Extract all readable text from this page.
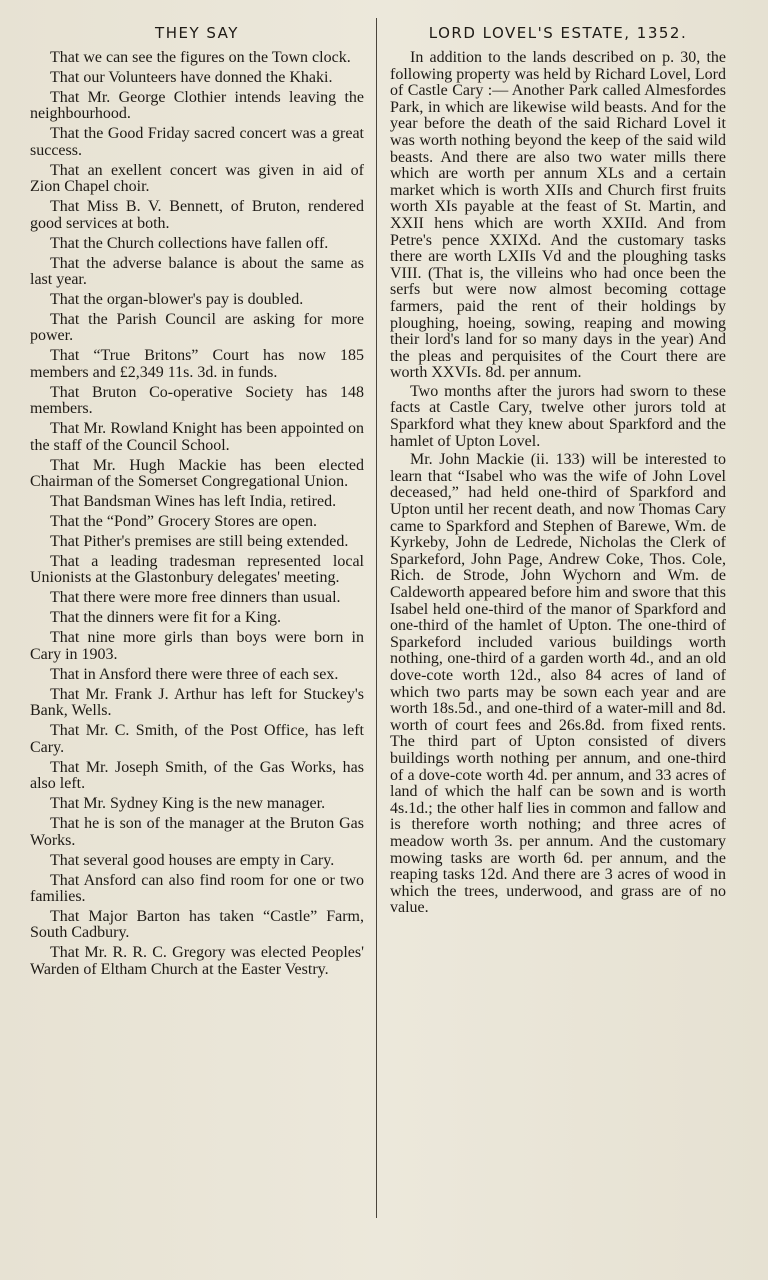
THEY SAY

That we can see the figures on the Town clock.

That our Volunteers have donned the Khaki.

That Mr. George Clothier intends leaving the neighbourhood.

That the Good Friday sacred concert was a great success.

That an exellent concert was given in aid of Zion Chapel choir.

That Miss B. V. Bennett, of Bruton, rendered good services at both.

That the Church collections have fallen off.

That the adverse balance is about the same as last year.

That the organ-blower's pay is doubled.

That the Parish Council are asking for more power.

That “True Britons” Court has now 185 members and £2,349 11s. 3d. in funds.

That Bruton Co-operative Society has 148 members.

That Mr. Rowland Knight has been appointed on the staff of the Council School.

That Mr. Hugh Mackie has been elected Chairman of the Somerset Congregational Union.

That Bandsman Wines has left India, retired.

That the “Pond” Grocery Stores are open.

That Pither's premises are still being extended.

That a leading tradesman represented local Unionists at the Glastonbury delegates' meeting.

That there were more free dinners than usual.

That the dinners were fit for a King.

That nine more girls than boys were born in Cary in 1903.

That in Ansford there were three of each sex.

That Mr. Frank J. Arthur has left for Stuckey's Bank, Wells.

That Mr. C. Smith, of the Post Office, has left Cary.

That Mr. Joseph Smith, of the Gas Works, has also left.

That Mr. Sydney King is the new manager.

That he is son of the manager at the Bruton Gas Works.

That several good houses are empty in Cary.

That Ansford can also find room for one or two families.

That Major Barton has taken “Castle” Farm, South Cadbury.

That Mr. R. R. C. Gregory was elected Peoples' Warden of Eltham Church at the Easter Vestry.

LORD LOVEL'S ESTATE, 1352.

In addition to the lands described on p. 30, the following property was held by Richard Lovel, Lord of Castle Cary :— Another Park called Almesfordes Park, in which are likewise wild beasts. And for the year before the death of the said Richard Lovel it was worth nothing beyond the keep of the said wild beasts. And there are also two water mills there which are worth per annum XLs and a certain market which is worth XIIs and Church first fruits worth XIs payable at the feast of St. Martin, and XXII hens which are worth XXIId. And from Petre's pence XXIXd. And the customary tasks there are worth LXIIs Vd and the ploughing tasks VIII. (That is, the villeins who had once been the serfs but were now almost becoming cottage farmers, paid the rent of their holdings by ploughing, hoeing, sowing, reaping and mowing their lord's land for so many days in the year) And the pleas and perquisites of the Court there are worth XXVIs. 8d. per annum.

Two months after the jurors had sworn to these facts at Castle Cary, twelve other jurors told at Sparkford what they knew about Sparkford and the hamlet of Upton Lovel.

Mr. John Mackie (ii. 133) will be interested to learn that “Isabel who was the wife of John Lovel deceased,” had held one-third of Sparkford and Upton until her recent death, and now Thomas Cary came to Sparkford and Stephen of Barewe, Wm. de Kyrkeby, John de Ledrede, Nicholas the Clerk of Sparkeford, John Page, Andrew Coke, Thos. Cole, Rich. de Strode, John Wychorn and Wm. de Caldeworth appeared before him and swore that this Isabel held one-third of the manor of Sparkford and one-third of the hamlet of Upton. The one-third of Sparkeford included various buildings worth nothing, one-third of a garden worth 4d., and an old dove-cote worth 12d., also 84 acres of land of which two parts may be sown each year and are worth 18s.5d., and one-third of a water-mill and 8d. worth of court fees and 26s.8d. from fixed rents. The third part of Upton consisted of divers buildings worth nothing per annum, and one-third of a dove-cote worth 4d. per annum, and 33 acres of land of which the half can be sown and is worth 4s.1d.; the other half lies in common and fallow and is therefore worth nothing; and three acres of meadow worth 3s. per annum. And the customary mowing tasks are worth 6d. per annum, and the reaping tasks 12d. And there are 3 acres of wood in which the trees, underwood, and grass are of no value.
